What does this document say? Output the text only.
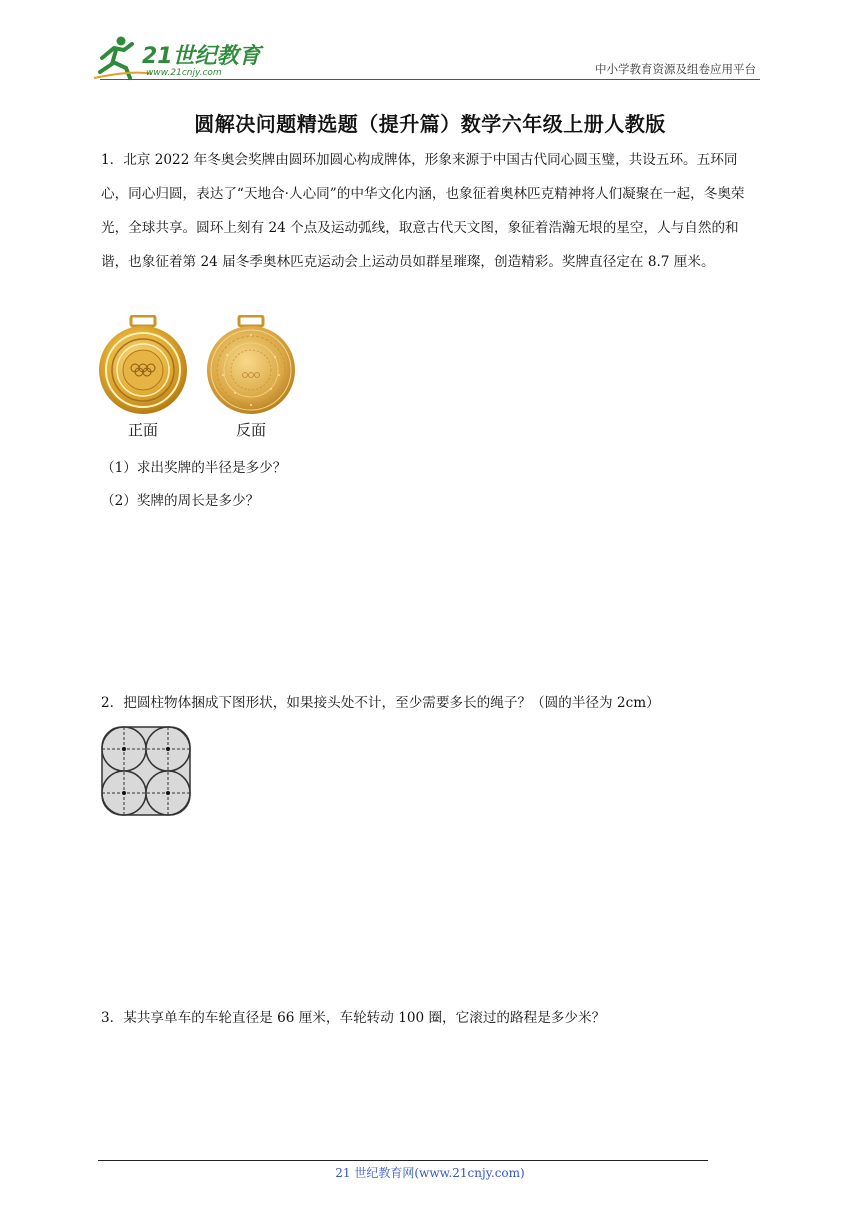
21世纪教育
www.21cnjy.com	中小学教育资源及组卷应用平台
圆解决问题精选题（提升篇）数学六年级上册人教版
1．北京 2022 年冬奥会奖牌由圆环加圆心构成牌体，形象来源于中国古代同心圆玉璧，共设五环。五环同心，同心归圆，表达了“天地合·人心同”的中华文化内涵，也象征着奥林匹克精神将人们凝聚在一起，冬奥荣光，全球共享。圆环上刻有 24 个点及运动弧线，取意古代天文图，象征着浩瀚无垠的星空，人与自然的和谐，也象征着第 24 届冬季奥林匹克运动会上运动员如群星璀璨，创造精彩。奖牌直径定在 8.7 厘米。
正面	反面
（1）求出奖牌的半径是多少？
（2）奖牌的周长是多少？
2．把圆柱物体捆成下图形状，如果接头处不计，至少需要多长的绳子？（圆的半径为 2cm）
3．某共享单车的车轮直径是 66 厘米，车轮转动 100 圈，它滚过的路程是多少米？
21 世纪教育网(www.21cnjy.com)
